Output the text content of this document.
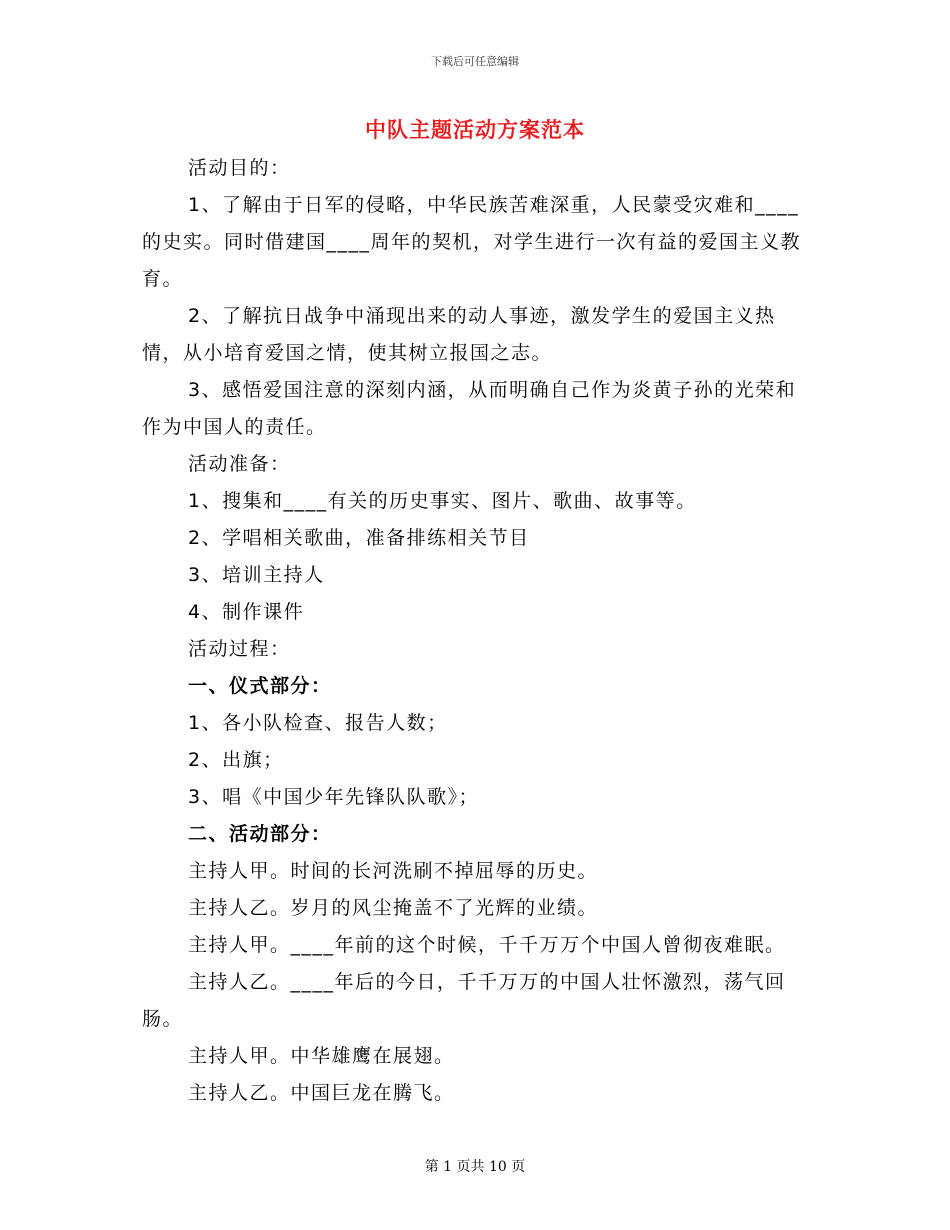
下载后可任意编辑
中队主题活动方案范本

活动目的：

1、了解由于日军的侵略，中华民族苦难深重，人民蒙受灾难和____的史实。同时借建国____周年的契机，对学生进行一次有益的爱国主义教育。

2、了解抗日战争中涌现出来的动人事迹，激发学生的爱国主义热情，从小培育爱国之情，使其树立报国之志。

3、感悟爱国注意的深刻内涵，从而明确自己作为炎黄子孙的光荣和作为中国人的责任。

活动准备：

1、搜集和____有关的历史事实、图片、歌曲、故事等。

2、学唱相关歌曲，准备排练相关节目

3、培训主持人

4、制作课件

活动过程：

一、仪式部分：

1、各小队检查、报告人数；

2、出旗；

3、唱《中国少年先锋队队歌》；

二、活动部分：

主持人甲。时间的长河洗刷不掉屈辱的历史。

主持人乙。岁月的风尘掩盖不了光辉的业绩。

主持人甲。____年前的这个时候，千千万万个中国人曾彻夜难眠。

主持人乙。____年后的今日，千千万万的中国人壮怀激烈，荡气回肠。

主持人甲。中华雄鹰在展翅。

主持人乙。中国巨龙在腾飞。

第 1 页共 10 页
